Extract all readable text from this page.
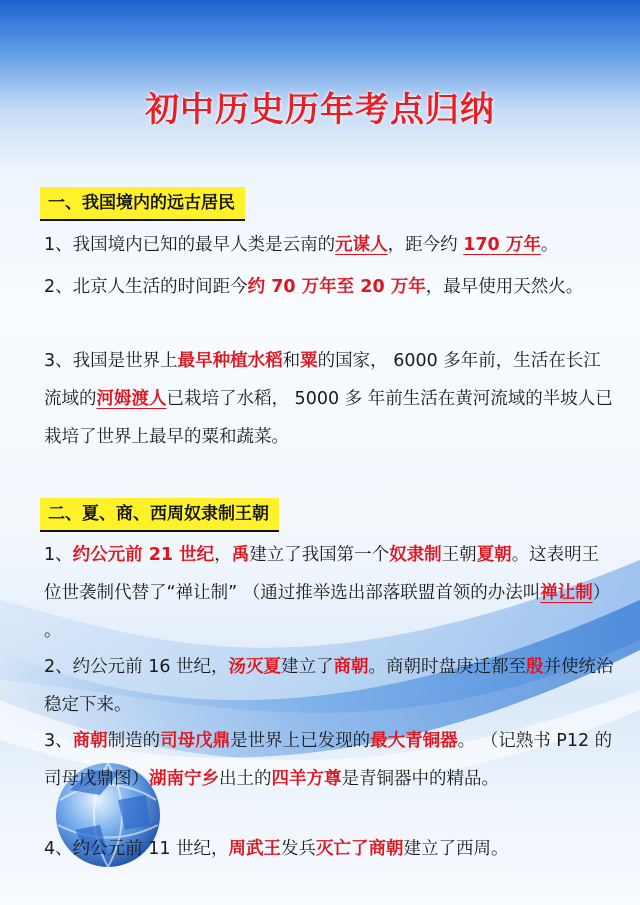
初中历史历年考点归纳
一、我国境内的远古居民
1、我国境内已知的最早人类是云南的元谋人，距今约 170 万年。
2、北京人生活的时间距今约 70 万年至 20 万年，最早使用天然火。
3、我国是世界上最早种植水稻和粟的国家， 6000 多年前，生活在长江流域的河姆渡人已栽培了水稻， 5000 多 年前生活在黄河流域的半坡人已栽培了世界上最早的粟和蔬菜。
二、夏、商、西周奴隶制王朝
1、约公元前 21 世纪，禹建立了我国第一个奴隶制王朝夏朝。这表明王位世袭制代替了“禅让制” （通过推举选出部落联盟首领的办法叫禅让制） 。
2、约公元前 16 世纪，汤灭夏建立了商朝。商朝时盘庚迁都至殷并使统治稳定下来。
3、商朝制造的司母戊鼎是世界上已发现的最大青铜器。 （记熟书 P12 的司母戊鼎图）湖南宁乡出土的四羊方尊是青铜器中的精品。
4、约公元前 11 世纪，周武王发兵灭亡了商朝建立了西周。
